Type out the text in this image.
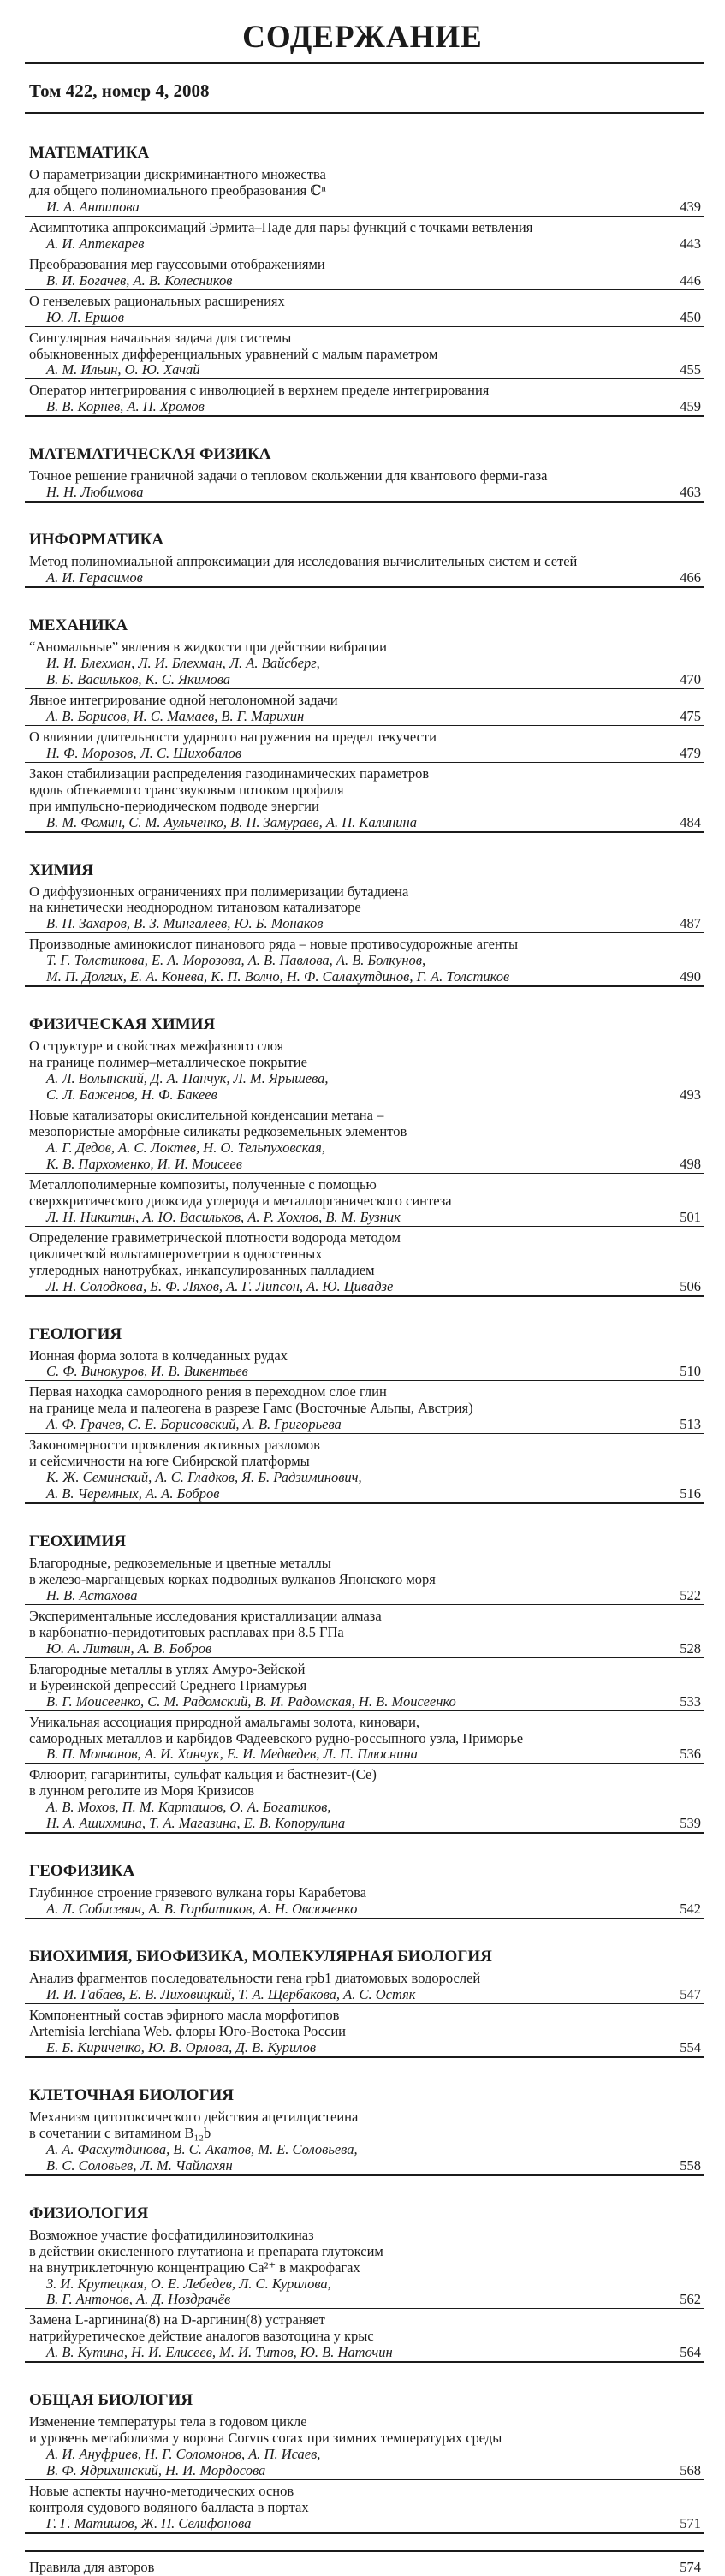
СОДЕРЖАНИЕ
Том 422, номер 4, 2008
МАТЕМАТИКА
О параметризации дискриминантного множества
для общего полиномиального преобразования ℂⁿ
И. А. Антипова	439
Асимптотика аппроксимаций Эрмита–Паде для пары функций с точками ветвления
А. И. Аптекарев	443
Преобразования мер гауссовыми отображениями
В. И. Богачев, А. В. Колесников	446
О гензелевых рациональных расширениях
Ю. Л. Ершов	450
Сингулярная начальная задача для системы
обыкновенных дифференциальных уравнений с малым параметром
А. М. Ильин, О. Ю. Хачай	455
Оператор интегрирования с инволюцией в верхнем пределе интегрирования
В. В. Корнев, А. П. Хромов	459
МАТЕМАТИЧЕСКАЯ ФИЗИКА
Точное решение граничной задачи о тепловом скольжении для квантового ферми-газа
Н. Н. Любимова	463
ИНФОРМАТИКА
Метод полиномиальной аппроксимации для исследования вычислительных систем и сетей
А. И. Герасимов	466
МЕХАНИКА
“Аномальные” явления в жидкости при действии вибрации
И. И. Блехман, Л. И. Блехман, Л. А. Вайсберг,
В. Б. Васильков, К. С. Якимова	470
Явное интегрирование одной неголономной задачи
А. В. Борисов, И. С. Мамаев, В. Г. Марихин	475
О влиянии длительности ударного нагружения на предел текучести
Н. Ф. Морозов, Л. С. Шихобалов	479
Закон стабилизации распределения газодинамических параметров
вдоль обтекаемого трансзвуковым потоком профиля
при импульсно-периодическом подводе энергии
В. М. Фомин, С. М. Аульченко, В. П. Замураев, А. П. Калинина	484
ХИМИЯ
О диффузионных ограничениях при полимеризации бутадиена
на кинетически неоднородном титановом катализаторе
В. П. Захаров, В. З. Мингалеев, Ю. Б. Монаков	487
Производные аминокислот пинанового ряда – новые противосудорожные агенты
Т. Г. Толстикова, Е. А. Морозова, А. В. Павлова, А. В. Болкунов,
М. П. Долгих, Е. А. Конева, К. П. Волчо, Н. Ф. Салахутдинов, Г. А. Толстиков	490
ФИЗИЧЕСКАЯ ХИМИЯ
О структуре и свойствах межфазного слоя
на границе полимер–металлическое покрытие
А. Л. Волынский, Д. А. Панчук, Л. М. Ярышева,
С. Л. Баженов, Н. Ф. Бакеев	493
Новые катализаторы окислительной конденсации метана –
мезопористые аморфные силикаты редкоземельных элементов
А. Г. Дедов, А. С. Локтев, Н. О. Тельпуховская,
К. В. Пархоменко, И. И. Моисеев	498
Металлополимерные композиты, полученные с помощью
сверхкритического диоксида углерода и металлорганического синтеза
Л. Н. Никитин, А. Ю. Васильков, А. Р. Хохлов, В. М. Бузник	501
Определение гравиметрической плотности водорода методом
циклической вольтамперометрии в одностенных
углеродных нанотрубках, инкапсулированных палладием
Л. Н. Солодкова, Б. Ф. Ляхов, А. Г. Липсон, А. Ю. Цивадзе	506
ГЕОЛОГИЯ
Ионная форма золота в колчеданных рудах
С. Ф. Винокуров, И. В. Викентьев	510
Первая находка самородного рения в переходном слое глин
на границе мела и палеогена в разрезе Гамс (Восточные Альпы, Австрия)
А. Ф. Грачев, С. Е. Борисовский, А. В. Григорьева	513
Закономерности проявления активных разломов
и сейсмичности на юге Сибирской платформы
К. Ж. Семинский, А. С. Гладков, Я. Б. Радзиминович,
А. В. Черемных, А. А. Бобров	516
ГЕОХИМИЯ
Благородные, редкоземельные и цветные металлы
в железо-марганцевых корках подводных вулканов Японского моря
Н. В. Астахова	522
Экспериментальные исследования кристаллизации алмаза
в карбонатно-перидотитовых расплавах при 8.5 ГПа
Ю. А. Литвин, А. В. Бобров	528
Благородные металлы в углях Амуро-Зейской
и Буреинской депрессий Среднего Приамурья
В. Г. Моисеенко, С. М. Радомский, В. И. Радомская, Н. В. Моисеенко	533
Уникальная ассоциация природной амальгамы золота, киновари,
самородных металлов и карбидов Фадеевского рудно-россыпного узла, Приморье
В. П. Молчанов, А. И. Ханчук, Е. И. Медведев, Л. П. Плюснина	536
Флюорит, гагаринтиты, сульфат кальция и бастнезит-(Се)
в лунном реголите из Моря Кризисов
А. В. Мохов, П. М. Карташов, О. А. Богатиков,
Н. А. Ашихмина, Т. А. Магазина, Е. В. Копорулина	539
ГЕОФИЗИКА
Глубинное строение грязевого вулкана горы Карабетова
А. Л. Собисевич, А. В. Горбатиков, А. Н. Овсюченко	542
БИОХИМИЯ, БИОФИЗИКА, МОЛЕКУЛЯРНАЯ БИОЛОГИЯ
Анализ фрагментов последовательности гена rpb1 диатомовых водорослей
И. И. Габаев, Е. В. Лиховицкий, Т. А. Щербакова, А. С. Остяк	547
Компонентный состав эфирного масла морфотипов
Artemisia lerchiana Web. флоры Юго-Востока России
Е. Б. Кириченко, Ю. В. Орлова, Д. В. Курилов	554
КЛЕТОЧНАЯ БИОЛОГИЯ
Механизм цитотоксического действия ацетилцистеина
в сочетании с витамином B₁₂b
А. А. Фасхутдинова, В. С. Акатов, М. Е. Соловьева,
В. С. Соловьев, Л. М. Чайлахян	558
ФИЗИОЛОГИЯ
Возможное участие фосфатидилинозитолкиназ
в действии окисленного глутатиона и препарата глутоксим
на внутриклеточную концентрацию Ca²⁺ в макрофагах
З. И. Крутецкая, О. Е. Лебедев, Л. С. Курилова,
В. Г. Антонов, А. Д. Ноздрачёв	562
Замена L-аргинина(8) на D-аргинин(8) устраняет
натрийуретическое действие аналогов вазотоцина у крыс
А. В. Кутина, Н. И. Елисеев, М. И. Титов, Ю. В. Наточин	564
ОБЩАЯ БИОЛОГИЯ
Изменение температуры тела в годовом цикле
и уровень метаболизма у ворона Corvus corax при зимних температурах среды
А. И. Ануфриев, Н. Г. Соломонов, А. П. Исаев,
В. Ф. Ядрихинский, Н. И. Мордосова	568
Новые аспекты научно-методических основ
контроля судового водяного балласта в портах
Г. Г. Матишов, Ж. П. Селифонова	571
Правила для авторов	574
